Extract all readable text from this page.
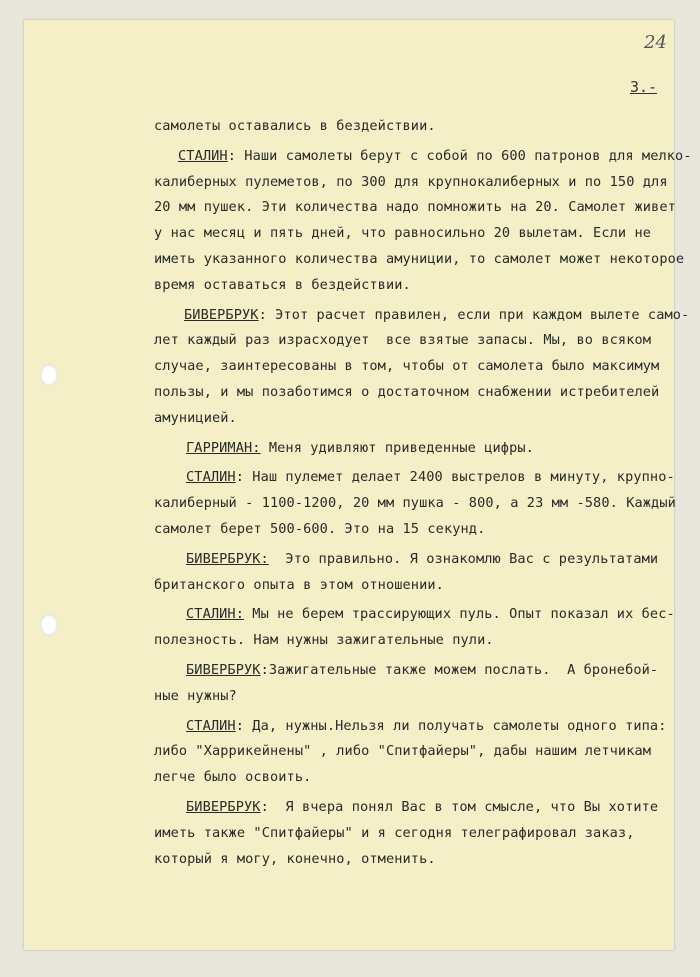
24
3.-
самолеты оставались в бездействии.
СТАЛИН: Наши самолеты берут с собой по 600 патронов для мелко-
калиберных пулеметов, по 300 для крупнокалиберных и по 150 для
20 мм пушек. Эти количества надо помножить на 20. Самолет живет
у нас месяц и пять дней, что равносильно 20 вылетам. Если не
иметь указанного количества амуниции, то самолет может некоторое
время оставаться в бездействии.
БИВЕРБРУК: Этот расчет правилен, если при каждом вылете само-
лет каждый раз израсходует  все взятые запасы. Мы, во всяком
случае, заинтересованы в том, чтобы от самолета было максимум
пользы, и мы позаботимся о достаточном снабжении истребителей
амуницией.
ГАРРИМАН: Меня удивляют приведенные цифры.
СТАЛИН: Наш пулемет делает 2400 выстрелов в минуту, крупно-
калиберный - 1100-1200, 20 мм пушка - 800, а 23 мм -580. Каждый
самолет берет 500-600. Это на 15 секунд.
БИВЕРБРУК:  Это правильно. Я ознакомлю Вас с результатами
британского опыта в этом отношении.
СТАЛИН: Мы не берем трассирующих пуль. Опыт показал их бес-
полезность. Нам нужны зажигательные пули.
БИВЕРБРУК:Зажигательные также можем послать.  А бронебой-
ные нужны?
СТАЛИН: Да, нужны.Нельзя ли получать самолеты одного типа:
либо "Харрикейнены" , либо "Спитфайеры", дабы нашим летчикам
легче было освоить.
БИВЕРБРУК:  Я вчера понял Вас в том смысле, что Вы хотите
иметь также "Спитфайеры" и я сегодня телеграфировал заказ,
который я могу, конечно, отменить.
